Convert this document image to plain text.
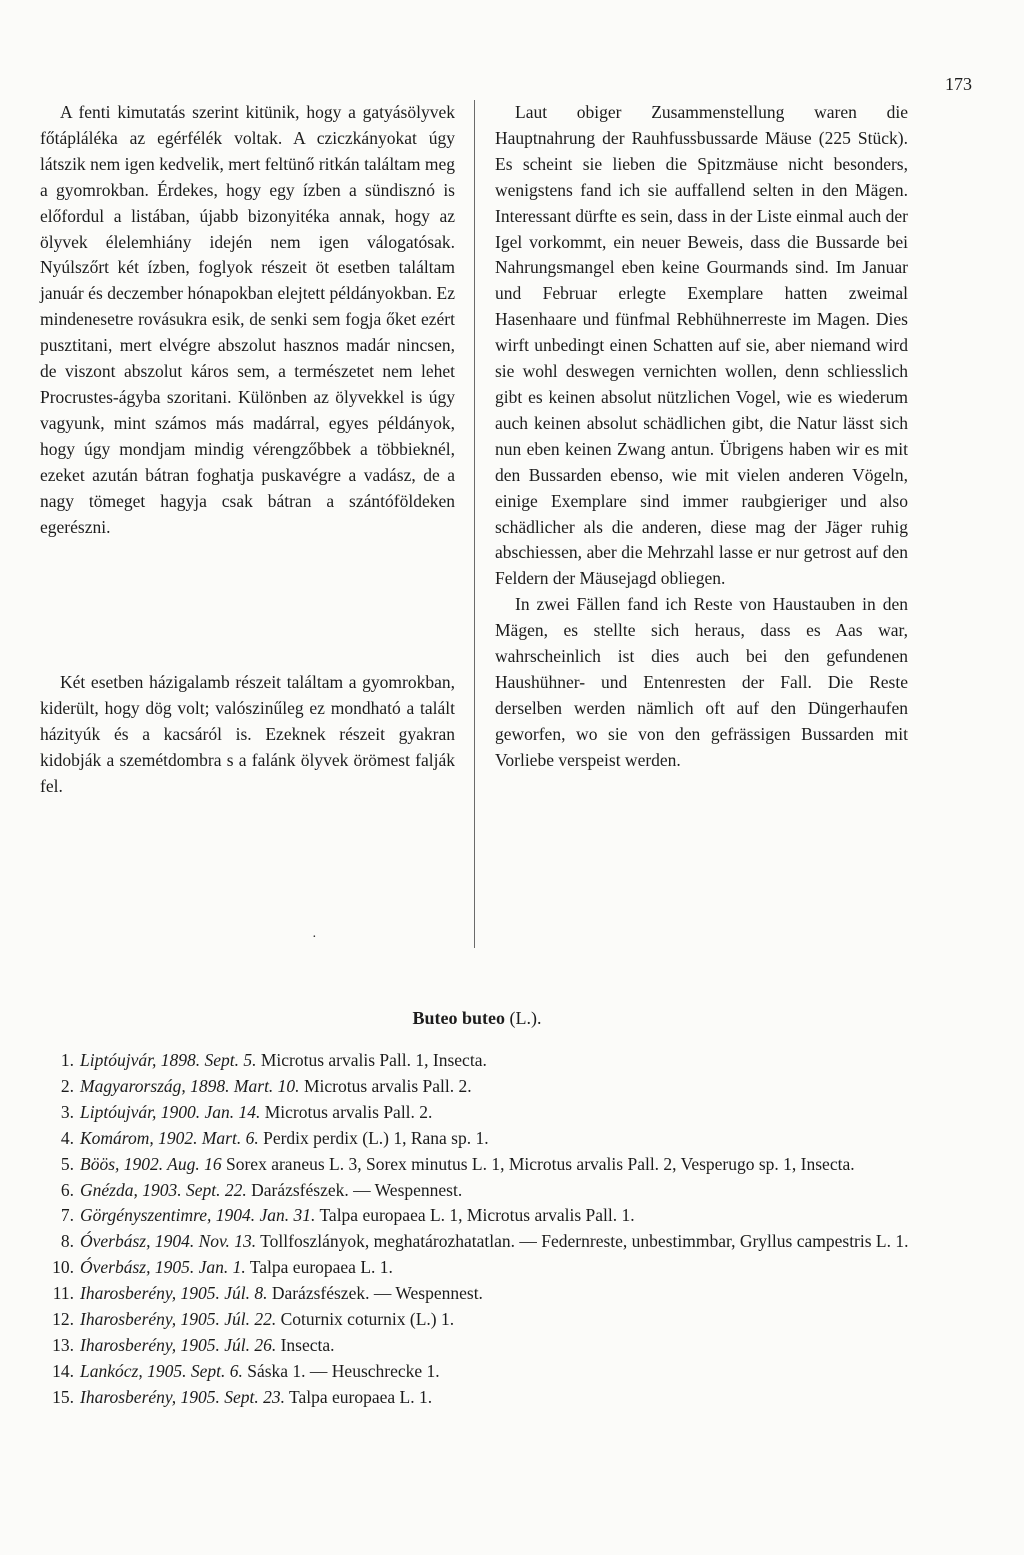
173

A fenti kimutatás szerint kitünik, hogy a gatyásölyvek főtápláléka az egérfélék voltak. A cziczkányokat úgy látszik nem igen kedvelik, mert feltünő ritkán találtam meg a gyomrokban. Érdekes, hogy egy ízben a sündisznó is előfordul a listában, újabb bizonyitéka annak, hogy az ölyvek élelemhiány idején nem igen válogatósak. Nyúlszőrt két ízben, foglyok részeit öt esetben találtam január és deczember hónapokban elejtett példányokban. Ez mindenesetre rovásukra esik, de senki sem fogja őket ezért pusztitani, mert elvégre abszolut hasznos madár nincsen, de viszont abszolut káros sem, a természetet nem lehet Procrustes-ágyba szoritani. Különben az ölyvekkel is úgy vagyunk, mint számos más madárral, egyes példányok, hogy úgy mondjam mindig vérengzőbbek a többieknél, ezeket azután bátran foghatja puskavégre a vadász, de a nagy tömeget hagyja csak bátran a szántóföldeken egerészni.

Két esetben házigalamb részeit találtam a gyomrokban, kiderült, hogy dög volt; valószinűleg ez mondható a talált házityúk és a kacsáról is. Ezeknek részeit gyakran kidobják a szemétdombra s a falánk ölyvek örömest falják fel.

·

Laut obiger Zusammenstellung waren die Hauptnahrung der Rauhfussbussarde Mäuse (225 Stück). Es scheint sie lieben die Spitzmäuse nicht besonders, wenigstens fand ich sie auffallend selten in den Mägen. Interessant dürfte es sein, dass in der Liste einmal auch der Igel vorkommt, ein neuer Beweis, dass die Bussarde bei Nahrungsmangel eben keine Gourmands sind. Im Januar und Februar erlegte Exemplare hatten zweimal Hasenhaare und fünfmal Rebhühnerreste im Magen. Dies wirft unbedingt einen Schatten auf sie, aber niemand wird sie wohl deswegen vernichten wollen, denn schliesslich gibt es keinen absolut nützlichen Vogel, wie es wiederum auch keinen absolut schädlichen gibt, die Natur lässt sich nun eben keinen Zwang antun. Übrigens haben wir es mit den Bussarden ebenso, wie mit vielen anderen Vögeln, einige Exemplare sind immer raubgieriger und also schädlicher als die anderen, diese mag der Jäger ruhig abschiessen, aber die Mehrzahl lasse er nur getrost auf den Feldern der Mäusejagd obliegen.

In zwei Fällen fand ich Reste von Haustauben in den Mägen, es stellte sich heraus, dass es Aas war, wahrscheinlich ist dies auch bei den gefundenen Haushühner- und Entenresten der Fall. Die Reste derselben werden nämlich oft auf den Düngerhaufen geworfen, wo sie von den gefrässigen Bussarden mit Vorliebe verspeist werden.

Buteo buteo (L.).
1. Liptóujvár, 1898. Sept. 5. Microtus arvalis Pall. 1, Insecta.
2. Magyarország, 1898. Mart. 10. Microtus arvalis Pall. 2.
3. Liptóujvár, 1900. Jan. 14. Microtus arvalis Pall. 2.
4. Komárom, 1902. Mart. 6. Perdix perdix (L.) 1, Rana sp. 1.
5. Böös, 1902. Aug. 16 Sorex araneus L. 3, Sorex minutus L. 1, Microtus arvalis Pall. 2, Vesperugo sp. 1, Insecta.
6. Gnézda, 1903. Sept. 22. Darázsfészek. — Wespennest.
7. Görgényszentimre, 1904. Jan. 31. Talpa europaea L. 1, Microtus arvalis Pall. 1.
8. Óverbász, 1904. Nov. 13. Tollfoszlányok, meghatározhatatlan. — Federnreste, unbestimmbar, Gryllus campestris L. 1.
10. Óverbász, 1905. Jan. 1. Talpa europaea L. 1.
11. Iharosberény, 1905. Júl. 8. Darázsfészek. — Wespennest.
12. Iharosberény, 1905. Júl. 22. Coturnix coturnix (L.) 1.
13. Iharosberény, 1905. Júl. 26. Insecta.
14. Lankócz, 1905. Sept. 6. Sáska 1. — Heuschrecke 1.
15. Iharosberény, 1905. Sept. 23. Talpa europaea L. 1.
